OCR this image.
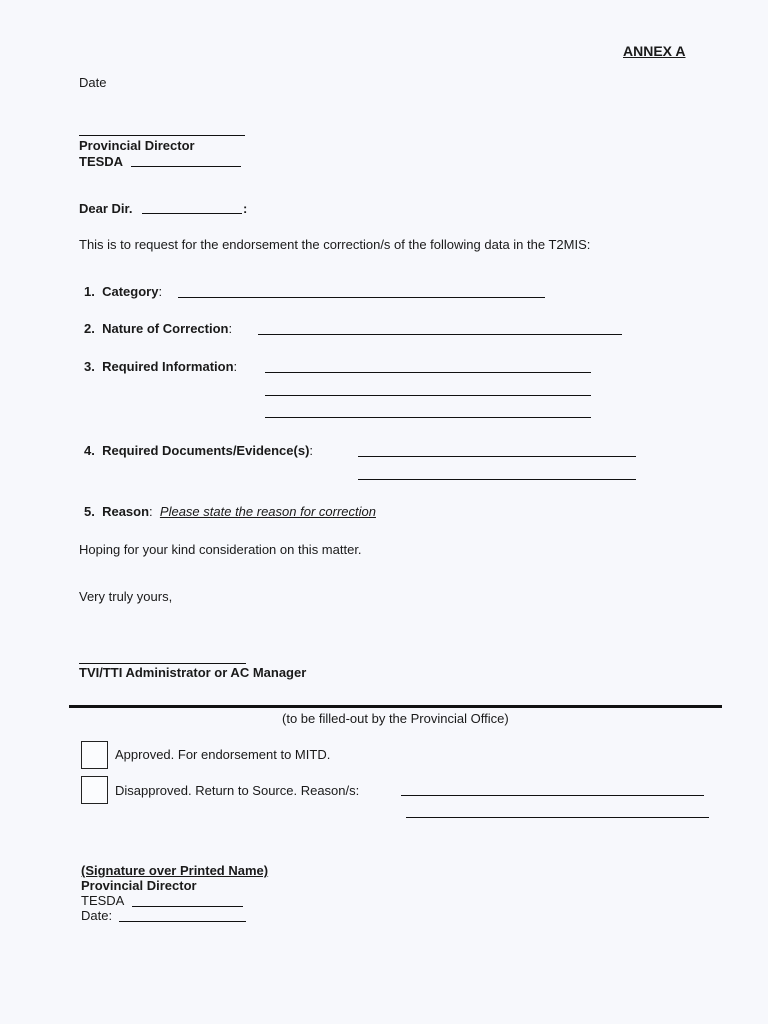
ANNEX A
Date
Provincial Director
TESDA
Dear Dir.	:
This is to request for the endorsement the correction/s of the following data in the T2MIS:
1. Category:
2. Nature of Correction:
3. Required Information:
4. Required Documents/Evidence(s):
5. Reason: Please state the reason for correction
Hoping for your kind consideration on this matter.
Very truly yours,
TVI/TTI Administrator or AC Manager
(to be filled-out by the Provincial Office)
Approved. For endorsement to MITD.
Disapproved. Return to Source. Reason/s:
(Signature over Printed Name)
Provincial Director
TESDA
Date:
